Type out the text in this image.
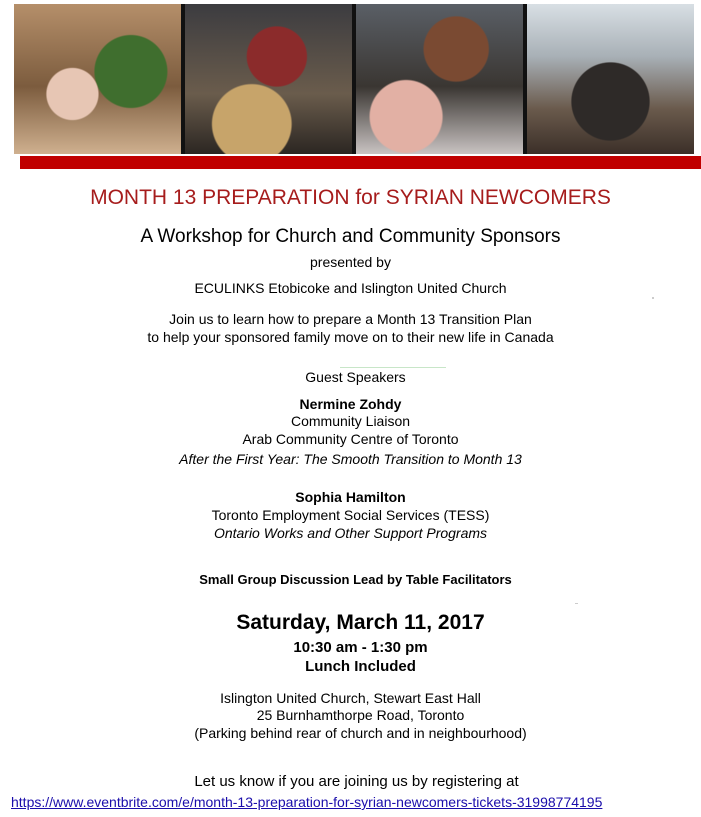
MONTH 13 PREPARATION for SYRIAN NEWCOMERS
A Workshop for Church and Community Sponsors
presented by
ECULINKS Etobicoke and Islington United Church
Join us to learn how to prepare a Month 13 Transition Plan
to help your sponsored family move on to their new life in Canada
Guest Speakers
Nermine Zohdy
Community Liaison
Arab Community Centre of Toronto
After the First Year: The Smooth Transition to Month 13
Sophia Hamilton
Toronto Employment Social Services (TESS)
Ontario Works and Other Support Programs
Small Group Discussion Lead by Table Facilitators
Saturday, March 11, 2017
10:30 am - 1:30 pm
Lunch Included
Islington United Church, Stewart East Hall
25 Burnhamthorpe Road, Toronto
(Parking behind rear of church and in neighbourhood)
Let us know if you are joining us by registering at
https://www.eventbrite.com/e/month-13-preparation-for-syrian-newcomers-tickets-31998774195
